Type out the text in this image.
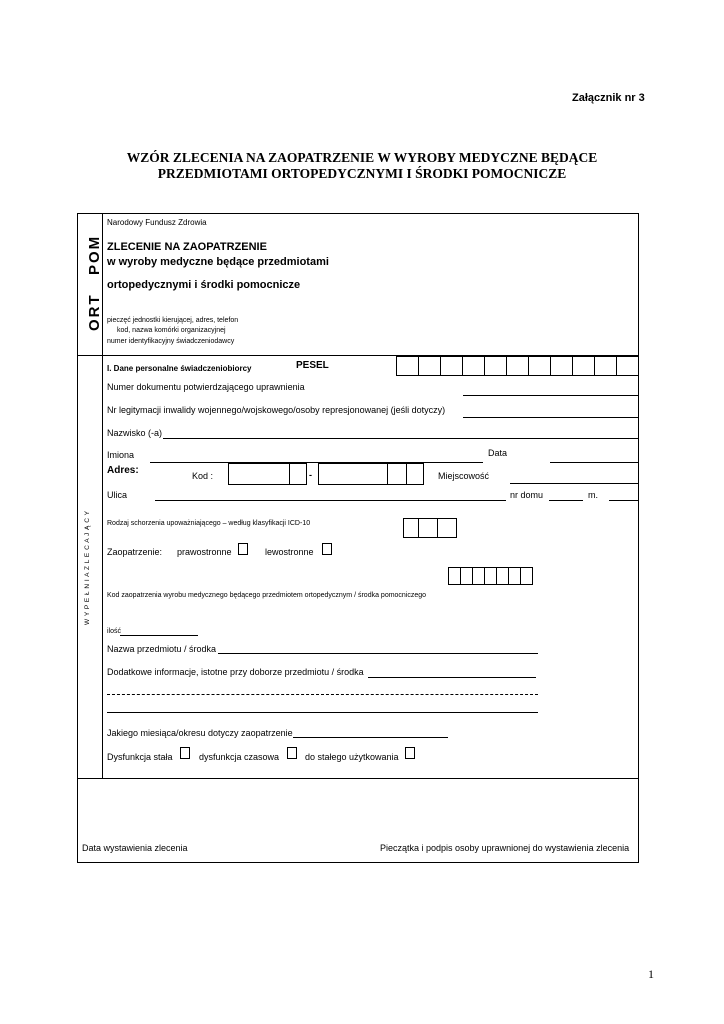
Załącznik nr 3
WZÓR ZLECENIA NA ZAOPATRZENIE W WYROBY MEDYCZNE BĘDĄCE
PRZEDMIOTAMI ORTOPEDYCZNYMI I ŚRODKI POMOCNICZE
ORT
POM
Narodowy Fundusz Zdrowia
ZLECENIE NA ZAOPATRZENIE
w wyroby medyczne będące przedmiotami
ortopedycznymi i środki pomocnicze
pieczęć jednostki kierującej, adres, telefon
kod, nazwa komórki organizacyjnej
numer identyfikacyjny świadczeniodawcy
W Y P E Ł N I A Z L E C A J Ą C Y
I. Dane personalne świadczeniobiorcy	PESEL
Numer dokumentu potwierdzającego uprawnienia
Nr legitymacji inwalidy wojennego/wojskowego/osoby represjonowanej (jeśli dotyczy)
Nazwisko (-a)
Imiona	Data
Adres:	Kod :	-	Miejscowość
Ulica	nr domu	m.
Rodzaj schorzenia upoważniającego – według klasyfikacji ICD-10
Zaopatrzenie: prawostronne	lewostronne
Kod zaopatrzenia wyrobu medycznego będącego przedmiotem ortopedycznym / środka pomocniczego
ilość
Nazwa przedmiotu / środka
Dodatkowe informacje, istotne przy doborze przedmiotu / środka
Jakiego miesiąca/okresu dotyczy zaopatrzenie
Dysfunkcja stała	dysfunkcja czasowa	do stałego użytkowania
Data wystawienia zlecenia	Pieczątka i podpis osoby uprawnionej do wystawienia zlecenia
1
